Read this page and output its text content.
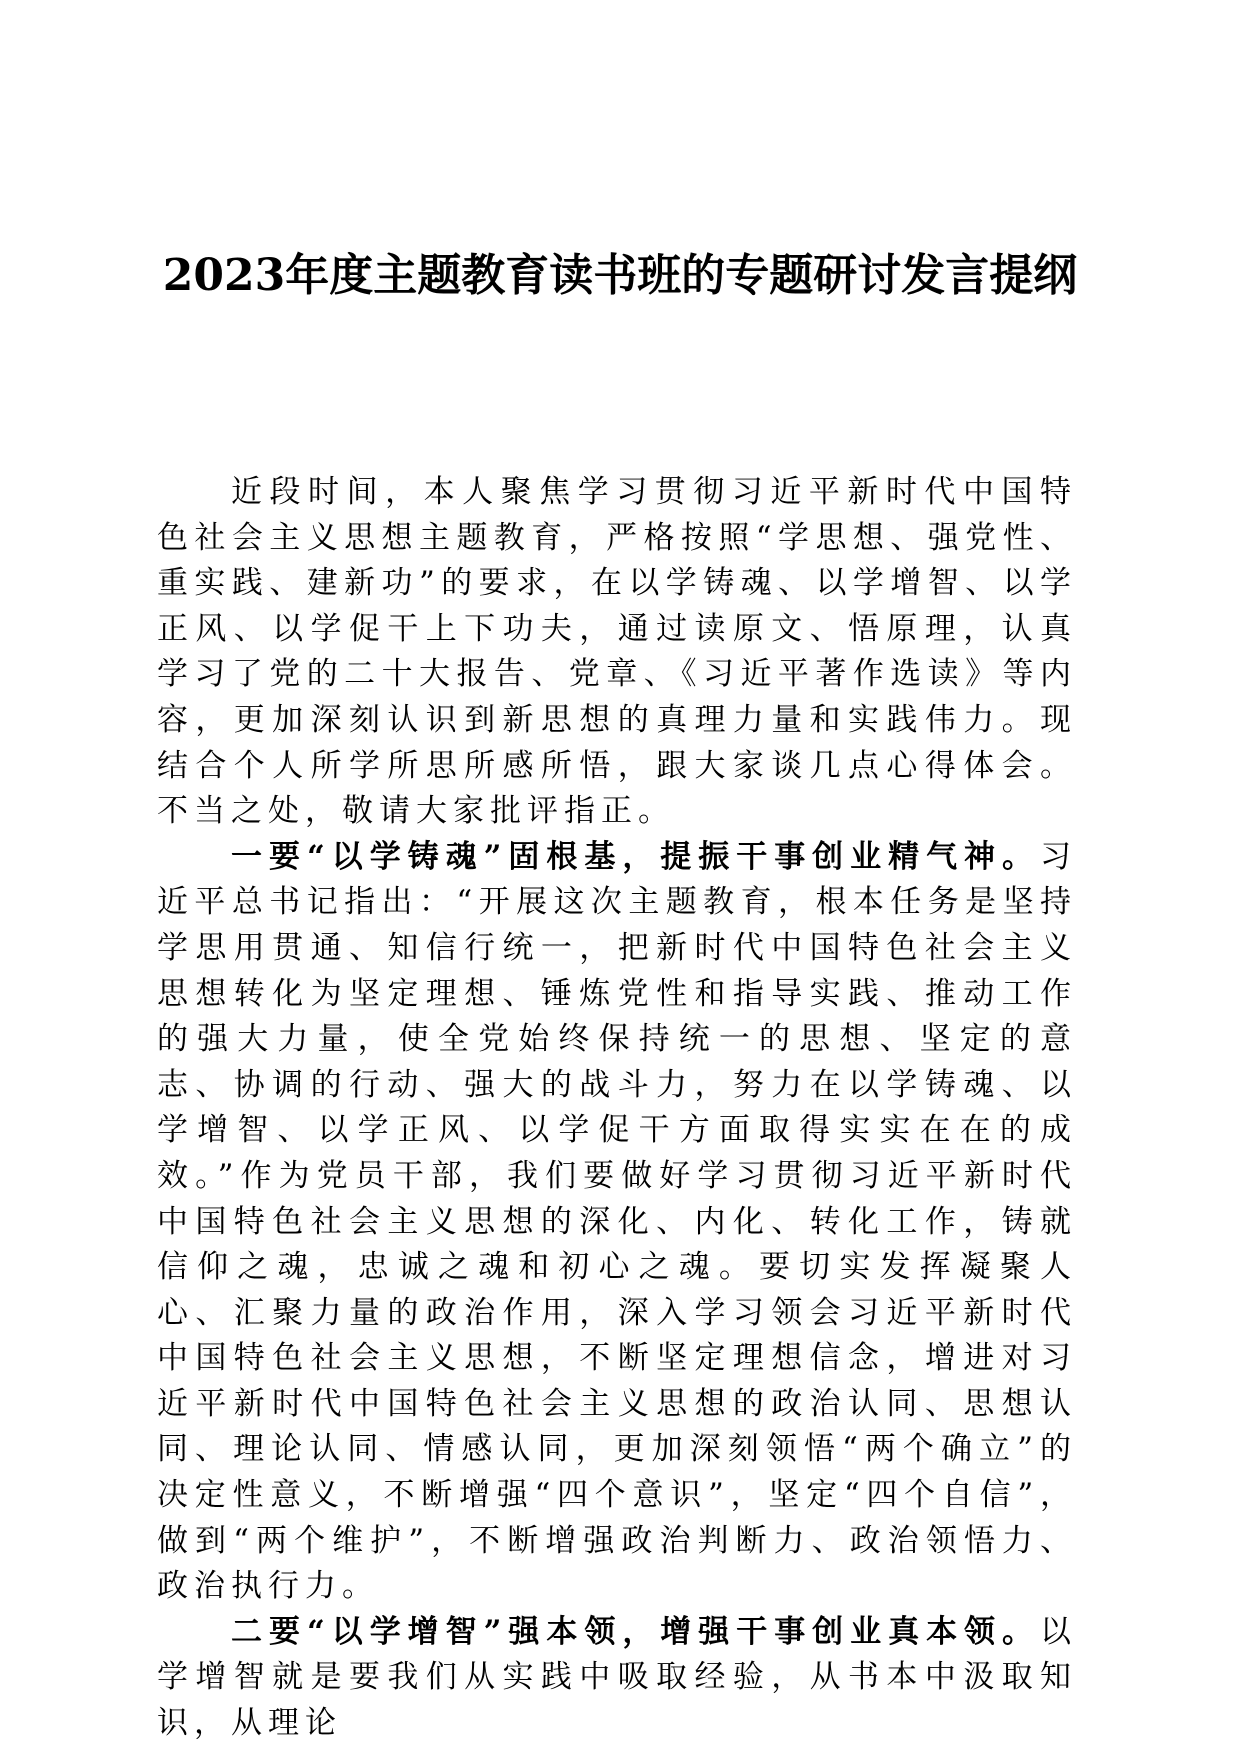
2023年度主题教育读书班的专题研讨发言提纲

近段时间，本人聚焦学习贯彻习近平新时代中国特色社会主义思想主题教育，严格按照“学思想、强党性、重实践、建新功”的要求，在以学铸魂、以学增智、以学正风、以学促干上下功夫，通过读原文、悟原理，认真学习了党的二十大报告、党章、《习近平著作选读》等内容，更加深刻认识到新思想的真理力量和实践伟力。现结合个人所学所思所感所悟，跟大家谈几点心得体会。不当之处，敬请大家批评指正。

一要“以学铸魂”固根基，提振干事创业精气神。习近平总书记指出：“开展这次主题教育，根本任务是坚持学思用贯通、知信行统一，把新时代中国特色社会主义思想转化为坚定理想、锤炼党性和指导实践、推动工作的强大力量，使全党始终保持统一的思想、坚定的意志、协调的行动、强大的战斗力，努力在以学铸魂、以学增智、以学正风、以学促干方面取得实实在在的成效。”作为党员干部，我们要做好学习贯彻习近平新时代中国特色社会主义思想的深化、内化、转化工作，铸就信仰之魂，忠诚之魂和初心之魂。要切实发挥凝聚人心、汇聚力量的政治作用，深入学习领会习近平新时代中国特色社会主义思想，不断坚定理想信念，增进对习近平新时代中国特色社会主义思想的政治认同、思想认同、理论认同、情感认同，更加深刻领悟“两个确立”的决定性意义，不断增强“四个意识”，坚定“四个自信”，做到“两个维护”，不断增强政治判断力、政治领悟力、政治执行力。

二要“以学增智”强本领，增强干事创业真本领。以学增智就是要我们从实践中吸取经验，从书本中汲取知识，从理论
